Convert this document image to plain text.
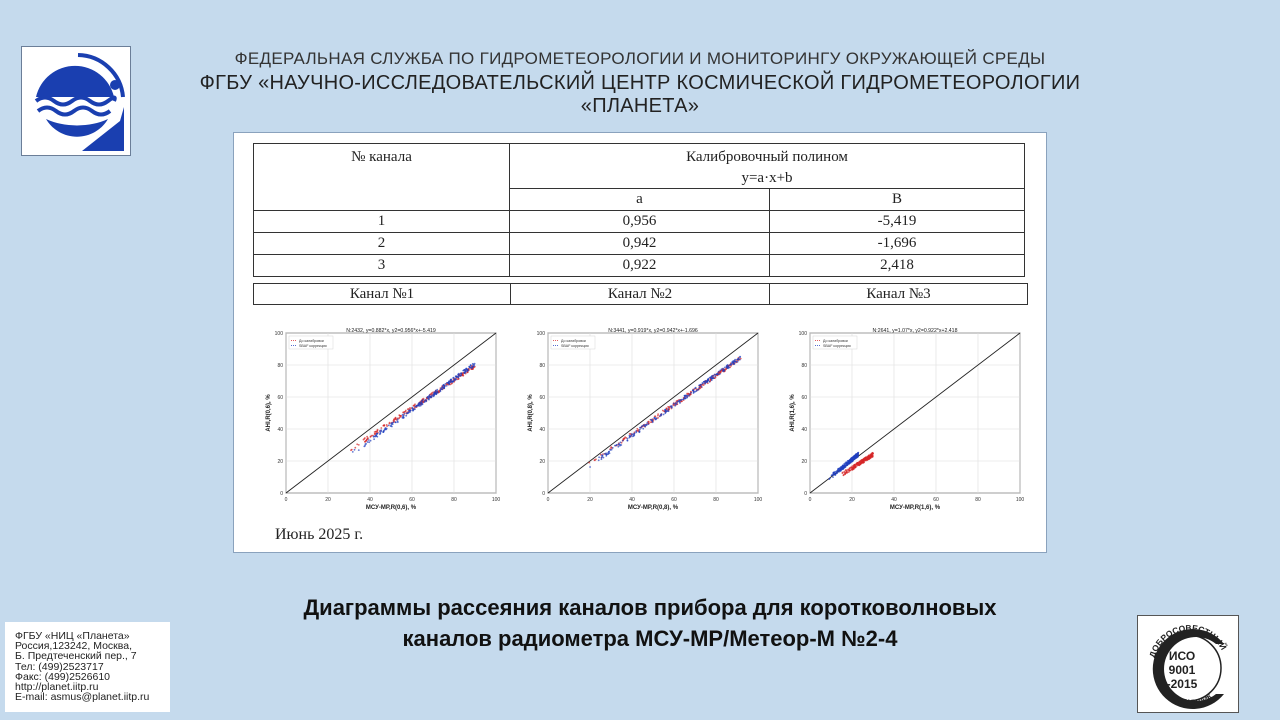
ФЕДЕРАЛЬНАЯ СЛУЖБА ПО ГИДРОМЕТЕОРОЛОГИИ И МОНИТОРИНГУ ОКРУЖАЮЩЕЙ СРЕДЫ
ФГБУ «НАУЧНО-ИССЛЕДОВАТЕЛЬСКИЙ ЦЕНТР КОСМИЧЕСКОЙ ГИДРОМЕТЕОРОЛОГИИ «ПЛАНЕТА»
№ канала	Калибровочный полином	
	y=a·x+b	
	a	B
1	0,956	-5,419
2	0,942	-1,696
3	0,922	2,418
Канал №1	Канал №2	Канал №3
0	20	40	60	80	100
0
20
40
60
80
100	N:2432, y=0.882*x, y2=0.956*x+-5.419
МСУ-МР,R(0,6), %
AHI,R(0,6), %
До калибровки
SBAF коррекция
0	20	40	60	80	100
0
20
40
60
80
100	N:3441, y=0.919*x, y2=0.942*x+-1.696
МСУ-МР,R(0,8), %
AHI,R(0,8), %
До калибровки
SBAF коррекция
0	20	40	60	80	100
0
20
40
60
80
100	N:2641, y=1.07*x, y2=0.922*x+2.418
МСУ-МР,R(1,6), %
AHI,R(1,6), %
До калибровки
SBAF коррекция
Июнь 2025 г.
Диаграммы рассеяния каналов прибора для коротковолновых
каналов радиометра МСУ-МР/Метеор-М №2-4
ФГБУ «НИЦ «Планета»
Россия,123242, Москва,
Б. Предтеченский пер., 7
Тел: (499)2523717
Факс: (499)2526610
http://planet.iitp.ru
E-mail: asmus@planet.iitp.ru
ДОБРОСОВЕСТНЫЙ
ПОСТАВЩИК
ИСО
9001
-2015
